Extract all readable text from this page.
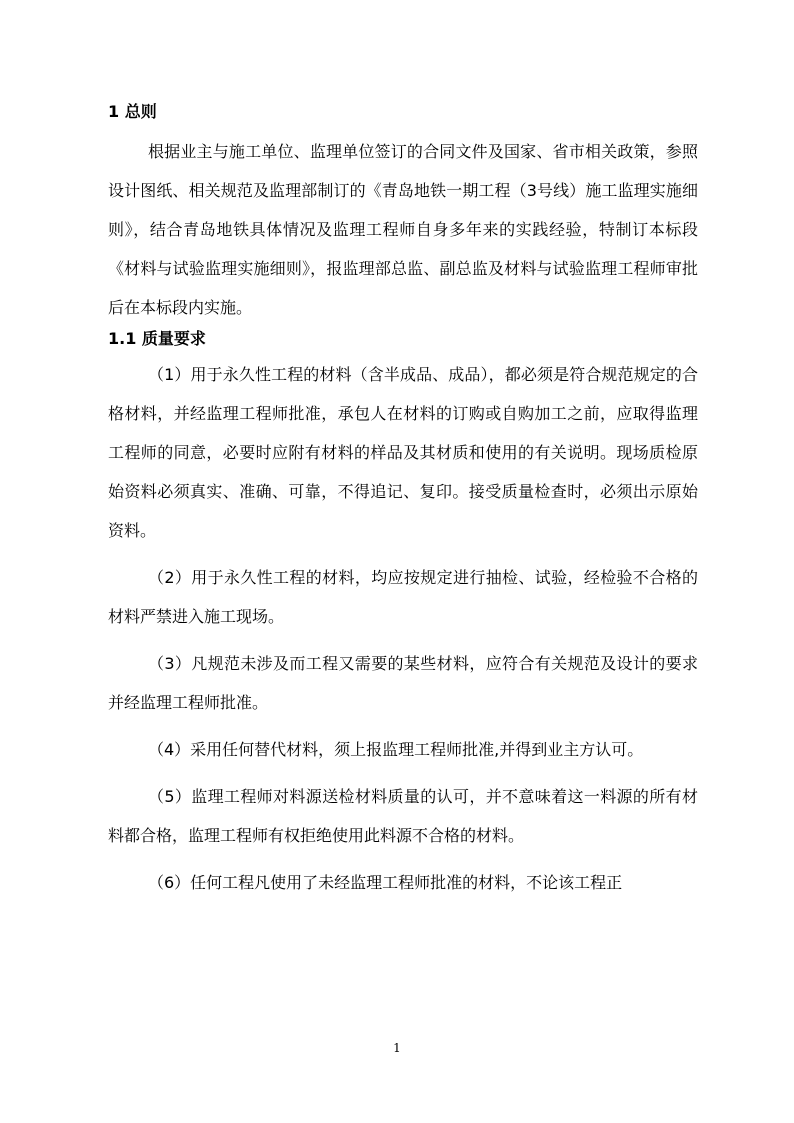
1 总则

根据业主与施工单位、监理单位签订的合同文件及国家、省市相关政策，参照设计图纸、相关规范及监理部制订的《青岛地铁一期工程（3号线）施工监理实施细则》，结合青岛地铁具体情况及监理工程师自身多年来的实践经验，特制订本标段《材料与试验监理实施细则》，报监理部总监、副总监及材料与试验监理工程师审批后在本标段内实施。

1.1 质量要求

（1）用于永久性工程的材料（含半成品、成品），都必须是符合规范规定的合格材料，并经监理工程师批准，承包人在材料的订购或自购加工之前，应取得监理工程师的同意，必要时应附有材料的样品及其材质和使用的有关说明。现场质检原始资料必须真实、准确、可靠，不得追记、复印。接受质量检查时，必须出示原始资料。

（2）用于永久性工程的材料，均应按规定进行抽检、试验，经检验不合格的材料严禁进入施工现场。

（3）凡规范未涉及而工程又需要的某些材料，应符合有关规范及设计的要求并经监理工程师批准。

（4）采用任何替代材料，须上报监理工程师批准,并得到业主方认可。

（5）监理工程师对料源送检材料质量的认可，并不意味着这一料源的所有材料都合格，监理工程师有权拒绝使用此料源不合格的材料。

（6）任何工程凡使用了未经监理工程师批准的材料，不论该工程正

1
